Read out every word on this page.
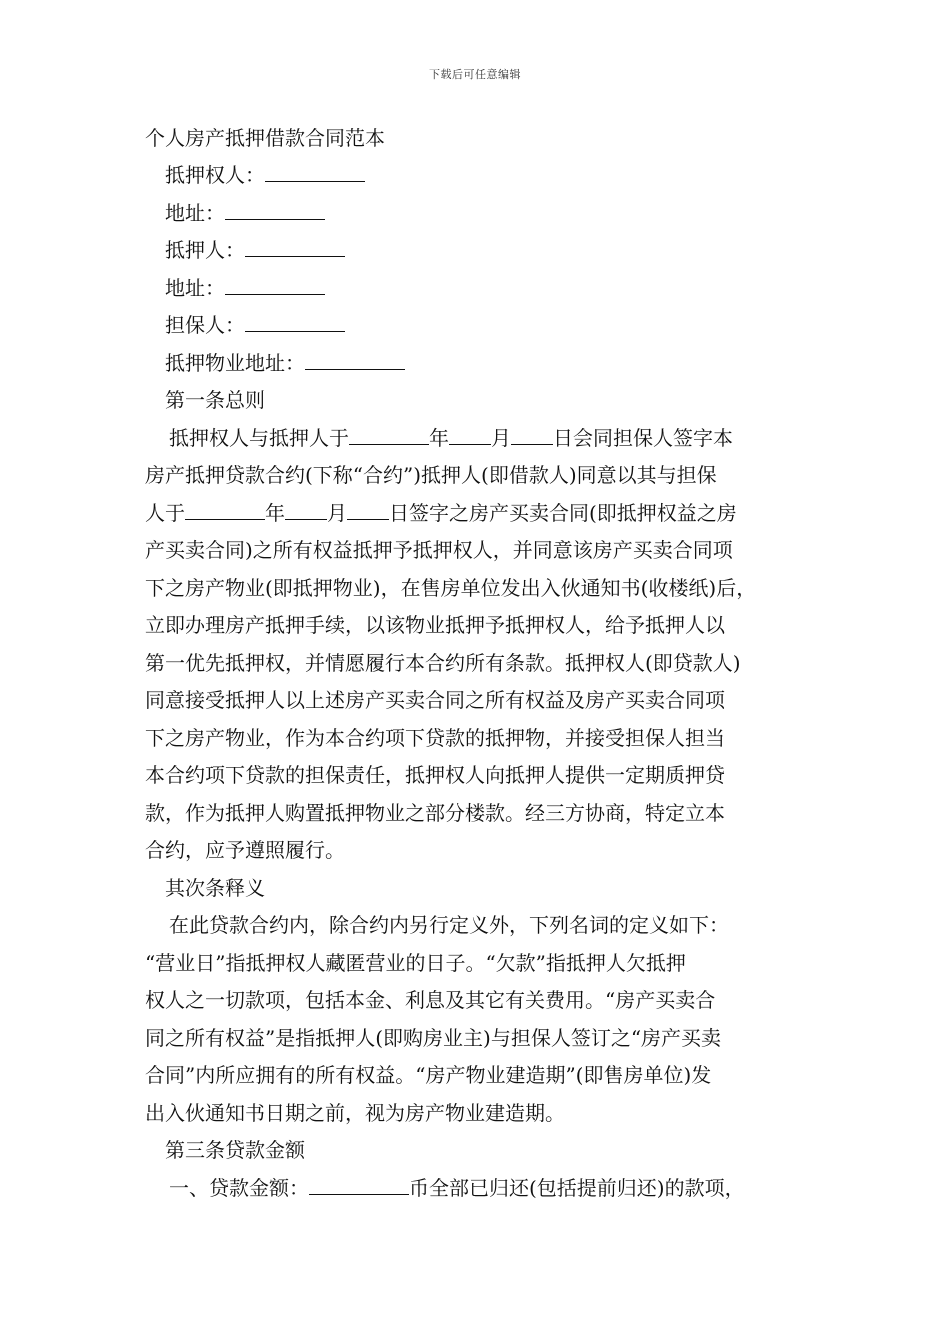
下载后可任意编辑
个人房产抵押借款合同范本
抵押权人：
地址：
抵押人：
地址：
担保人：
抵押物业地址：
第一条总则
抵押权人与抵押人于	年 月 日会同担保人签字本
房产抵押贷款合约(下称“合约”)抵押人(即借款人)同意以其与担保
人于	年 月 日签字之房产买卖合同(即抵押权益之房
产买卖合同)之所有权益抵押予抵押权人，并同意该房产买卖合同项
下之房产物业(即抵押物业)，在售房单位发出入伙通知书(收楼纸)后，
立即办理房产抵押手续，以该物业抵押予抵押权人，给予抵押人以
第一优先抵押权，并情愿履行本合约所有条款。抵押权人(即贷款人)
同意接受抵押人以上述房产买卖合同之所有权益及房产买卖合同项
下之房产物业，作为本合约项下贷款的抵押物，并接受担保人担当
本合约项下贷款的担保责任，抵押权人向抵押人提供一定期质押贷
款，作为抵押人购置抵押物业之部分楼款。经三方协商，特定立本
合约，应予遵照履行。
其次条释义
在此贷款合约内，除合约内另行定义外，下列名词的定义如下：
“营业日”指抵押权人藏匿营业的日子。“欠款”指抵押人欠抵押
权人之一切款项，包括本金、利息及其它有关费用。“房产买卖合
同之所有权益”是指抵押人(即购房业主)与担保人签订之“房产买卖
合同”内所应拥有的所有权益。“房产物业建造期”(即售房单位)发
出入伙通知书日期之前，视为房产物业建造期。
第三条贷款金额
一、贷款金额：	币全部已归还(包括提前归还)的款项，
